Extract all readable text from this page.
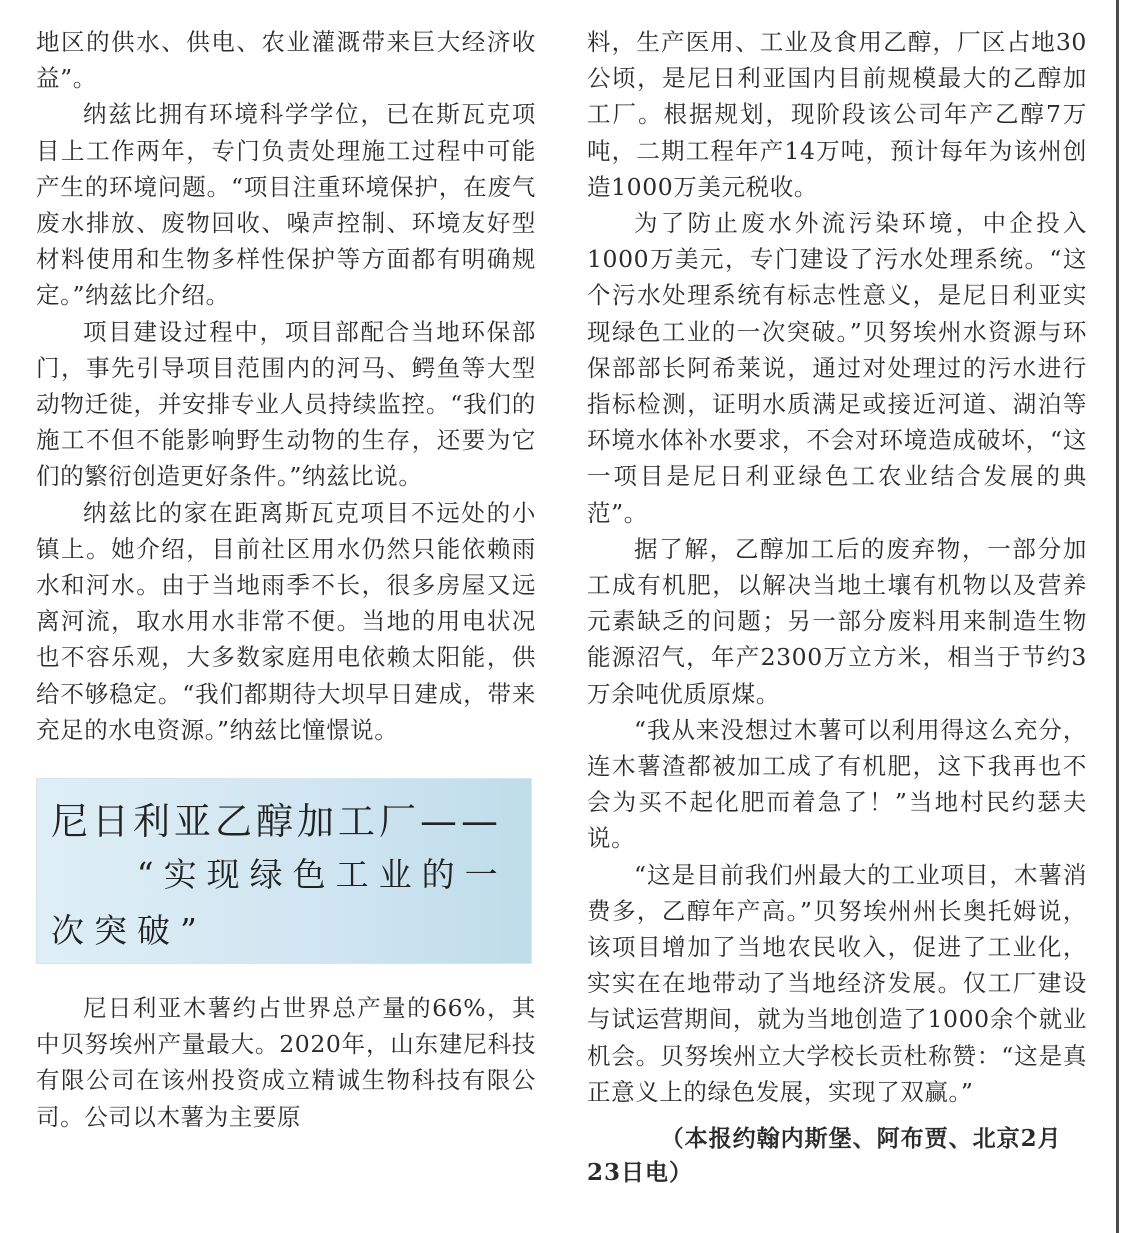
地区的供水、供电、农业灌溉带来巨大经济收益”。

纳兹比拥有环境科学学位，已在斯瓦克项目上工作两年，专门负责处理施工过程中可能产生的环境问题。“项目注重环境保护，在废气废水排放、废物回收、噪声控制、环境友好型材料使用和生物多样性保护等方面都有明确规定。”纳兹比介绍。

项目建设过程中，项目部配合当地环保部门，事先引导项目范围内的河马、鳄鱼等大型动物迁徙，并安排专业人员持续监控。“我们的施工不但不能影响野生动物的生存，还要为它们的繁衍创造更好条件。”纳兹比说。

纳兹比的家在距离斯瓦克项目不远处的小镇上。她介绍，目前社区用水仍然只能依赖雨水和河水。由于当地雨季不长，很多房屋又远离河流，取水用水非常不便。当地的用电状况也不容乐观，大多数家庭用电依赖太阳能，供给不够稳定。“我们都期待大坝早日建成，带来充足的水电资源。”纳兹比憧憬说。

尼日利亚乙醇加工厂——
“实现绿色工业的一
次突破”

尼日利亚木薯约占世界总产量的66%，其中贝努埃州产量最大。2020年，山东建尼科技有限公司在该州投资成立精诚生物科技有限公司。公司以木薯为主要原

料，生产医用、工业及食用乙醇，厂区占地30公顷，是尼日利亚国内目前规模最大的乙醇加工厂。根据规划，现阶段该公司年产乙醇7万吨，二期工程年产14万吨，预计每年为该州创造1000万美元税收。

为了防止废水外流污染环境，中企投入1000万美元，专门建设了污水处理系统。“这个污水处理系统有标志性意义，是尼日利亚实现绿色工业的一次突破。”贝努埃州水资源与环保部部长阿希莱说，通过对处理过的污水进行指标检测，证明水质满足或接近河道、湖泊等环境水体补水要求，不会对环境造成破坏，“这一项目是尼日利亚绿色工农业结合发展的典范”。

据了解，乙醇加工后的废弃物，一部分加工成有机肥，以解决当地土壤有机物以及营养元素缺乏的问题；另一部分废料用来制造生物能源沼气，年产2300万立方米，相当于节约3万余吨优质原煤。

“我从来没想过木薯可以利用得这么充分，连木薯渣都被加工成了有机肥，这下我再也不会为买不起化肥而着急了！”当地村民约瑟夫说。

“这是目前我们州最大的工业项目，木薯消费多，乙醇年产高。”贝努埃州州长奥托姆说，该项目增加了当地农民收入，促进了工业化，实实在在地带动了当地经济发展。仅工厂建设与试运营期间，就为当地创造了1000余个就业机会。贝努埃州立大学校长贡杜称赞：“这是真正意义上的绿色发展，实现了双赢。”

（本报约翰内斯堡、阿布贾、北京2月23日电）
